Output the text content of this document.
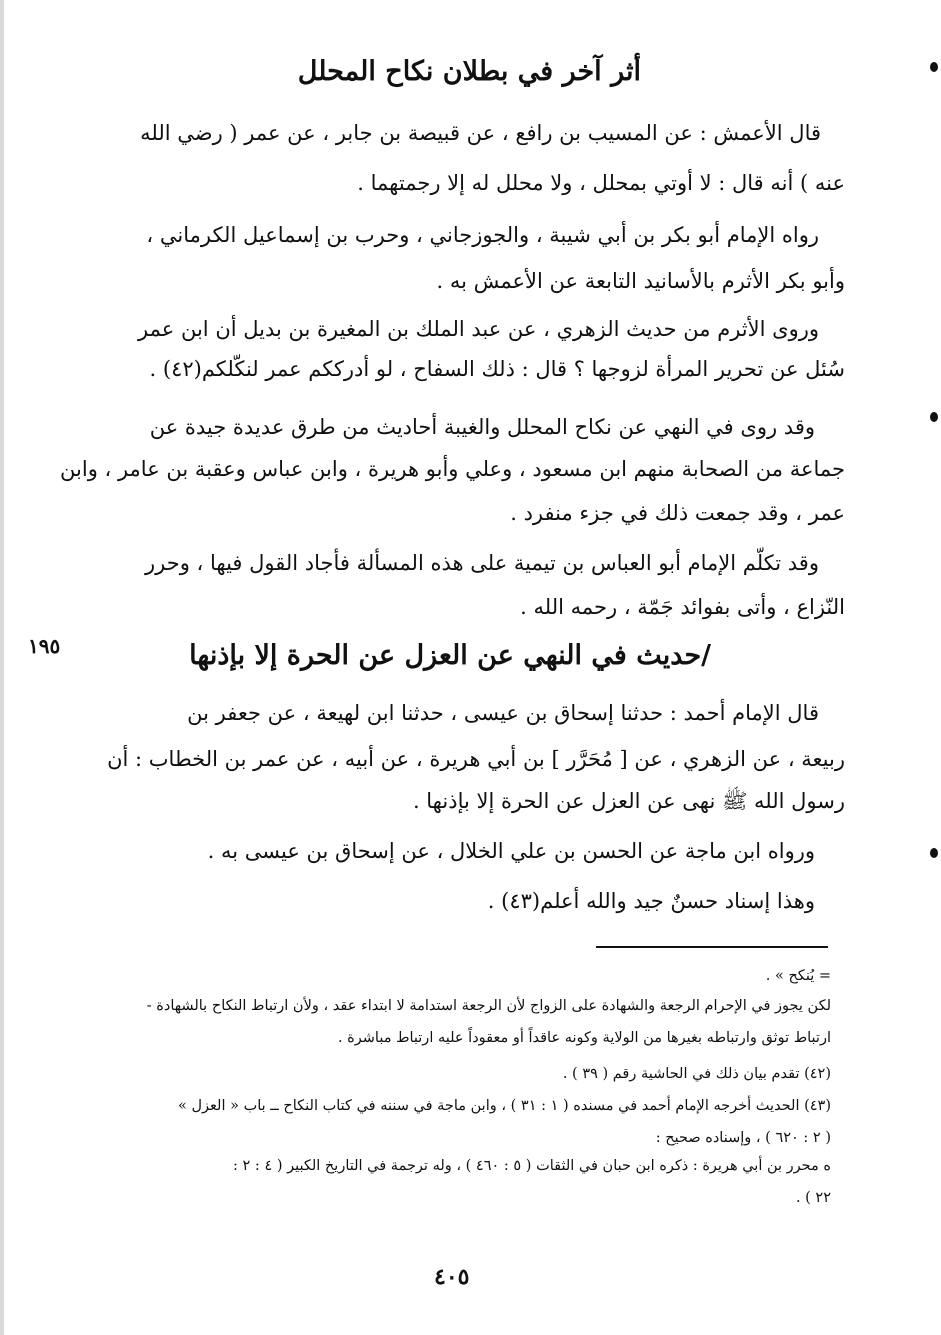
أثر آخر في بطلان نكاح المحلل
قال الأعمش : عن المسيب بن رافع ، عن قبيصة بن جابر ، عن عمر ( رضي الله
عنه ) أنه قال : لا أوتي بمحلل ، ولا محلل له إلا رجمتهما .
رواه الإمام أبو بكر بن أبي شيبة ، والجوزجاني ، وحرب بن إسماعيل الكرماني ،
وأبو بكر الأثرم بالأسانيد التابعة عن الأعمش به .
وروى الأثرم من حديث الزهري ، عن عبد الملك بن المغيرة بن بديل أن ابن عمر
سُئل عن تحرير المرأة لزوجها ؟ قال : ذلك السفاح ، لو أدرككم عمر لنكّلكم(٤٢) .
وقد روى في النهي عن نكاح المحلل والغيبة أحاديث من طرق عديدة جيدة عن
جماعة من الصحابة منهم ابن مسعود ، وعلي وأبو هريرة ، وابن عباس وعقبة بن عامر ، وابن
عمر ، وقد جمعت ذلك في جزء منفرد .
وقد تكلّم الإمام أبو العباس بن تيمية على هذه المسألة فأجاد القول فيها ، وحرر
النّزاع ، وأتى بفوائد جَمّة ، رحمه الله .
١٩٥	/حديث في النهي عن العزل عن الحرة إلا بإذنها
قال الإمام أحمد : حدثنا إسحاق بن عيسى ، حدثنا ابن لهيعة ، عن جعفر بن
ربيعة ، عن الزهري ، عن [ مُحَرَّر ] بن أبي هريرة ، عن أبيه ، عن عمر بن الخطاب : أن
رسول الله ﷺ نهى عن العزل عن الحرة إلا بإذنها .
ورواه ابن ماجة عن الحسن بن علي الخلال ، عن إسحاق بن عيسى به .
وهذا إسناد حسنٌ جيد والله أعلم(٤٣) .
= يُنكح » .
لكن يجوز في الإحرام الرجعة والشهادة على الزواج لأن الرجعة استدامة لا ابتداء عقد ، ولأن ارتباط النكاح بالشهادة -
ارتباط توثق وارتباطه بغيرها من الولاية وكونه عاقداً أو معقوداً عليه ارتباط مباشرة .
(٤٢) تقدم بيان ذلك في الحاشية رقم ( ٣٩ ) .
(٤٣) الحديث أخرجه الإمام أحمد في مسنده ( ١ : ٣١ ) ، وابن ماجة في سننه في كتاب النكاح ــ باب « العزل »
( ٢ : ٦٢٠ ) ، وإسناده صحيح :
ه محرر بن أبي هريرة : ذكره ابن حبان في الثقات ( ٥ : ٤٦٠ ) ، وله ترجمة في التاريخ الكبير ( ٤ : ٢ :
٢٢ ) .
٤٠٥
